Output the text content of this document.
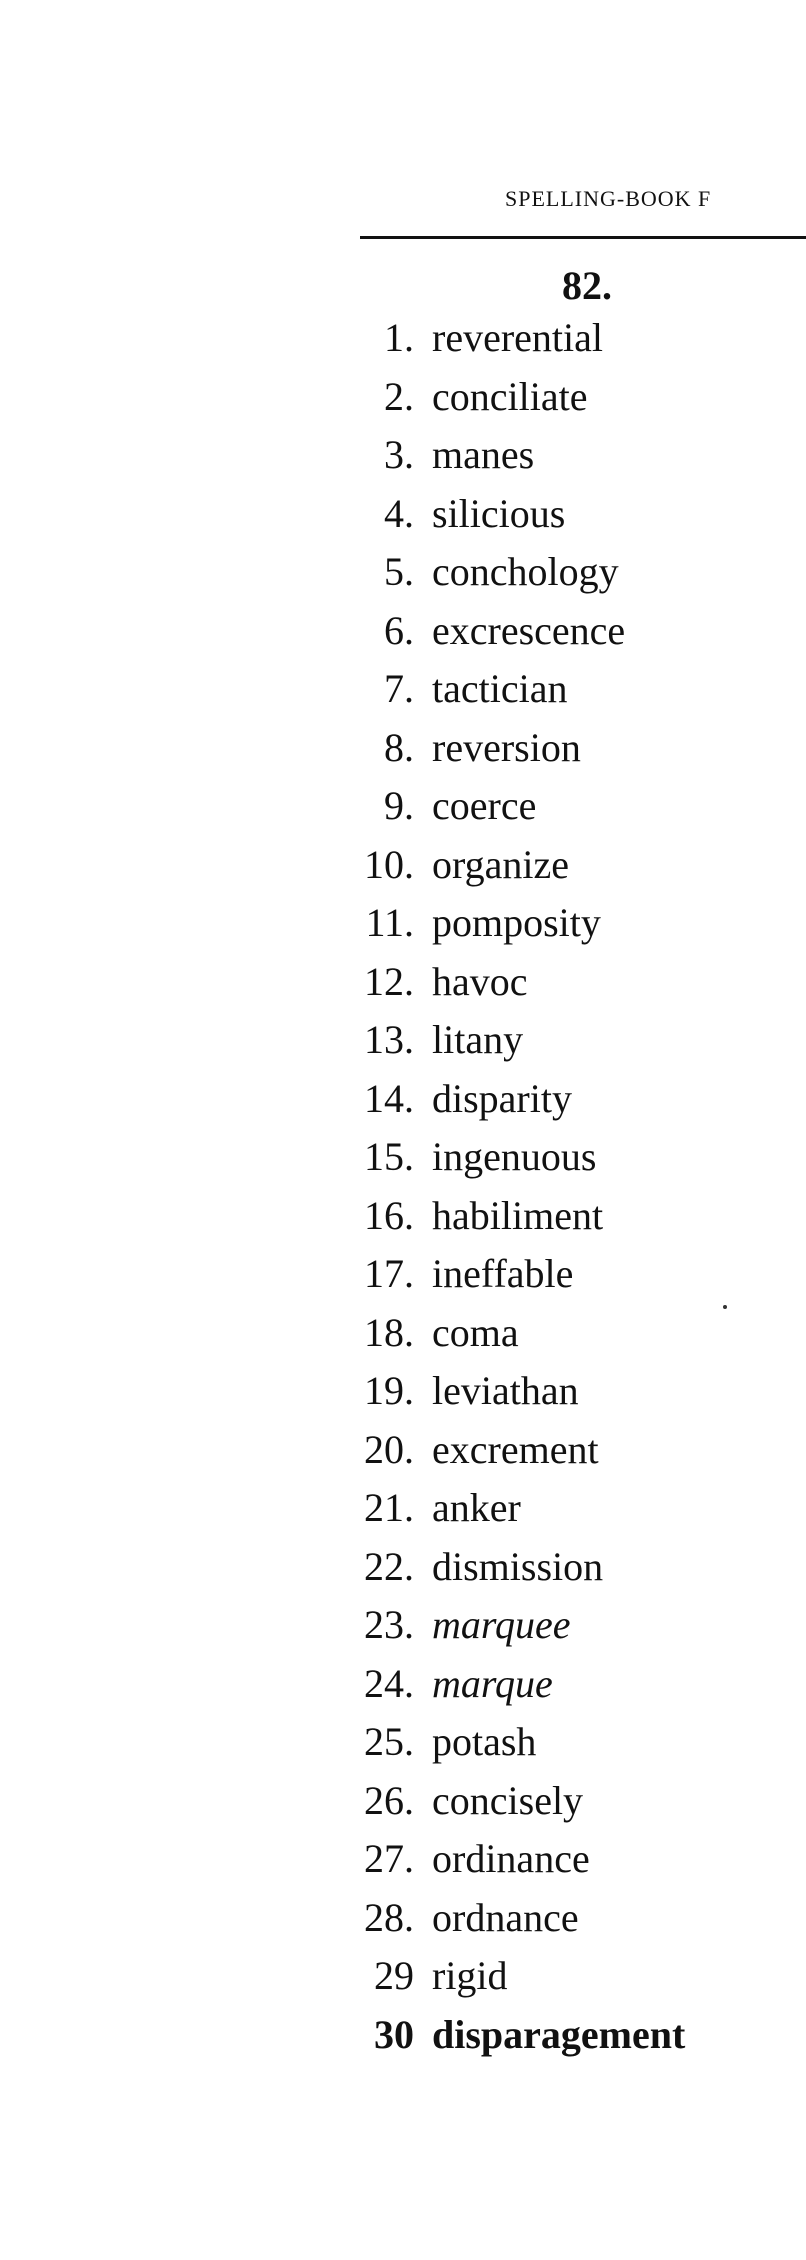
SPELLING-BOOK F
82.
1. reverential
2. conciliate
3. manes
4. silicious
5. conchology
6. excrescence
7. tactician
8. reversion
9. coerce
10. organize
11. pomposity
12. havoc
13. litany
14. disparity
15. ingenuous
16. habiliment
17. ineffable
18. coma
19. leviathan
20. excrement
21. anker
22. dismission
23. marquee
24. marque
25. potash
26. concisely
27. ordinance
28. ordnance
29 rigid
30 disparagement
